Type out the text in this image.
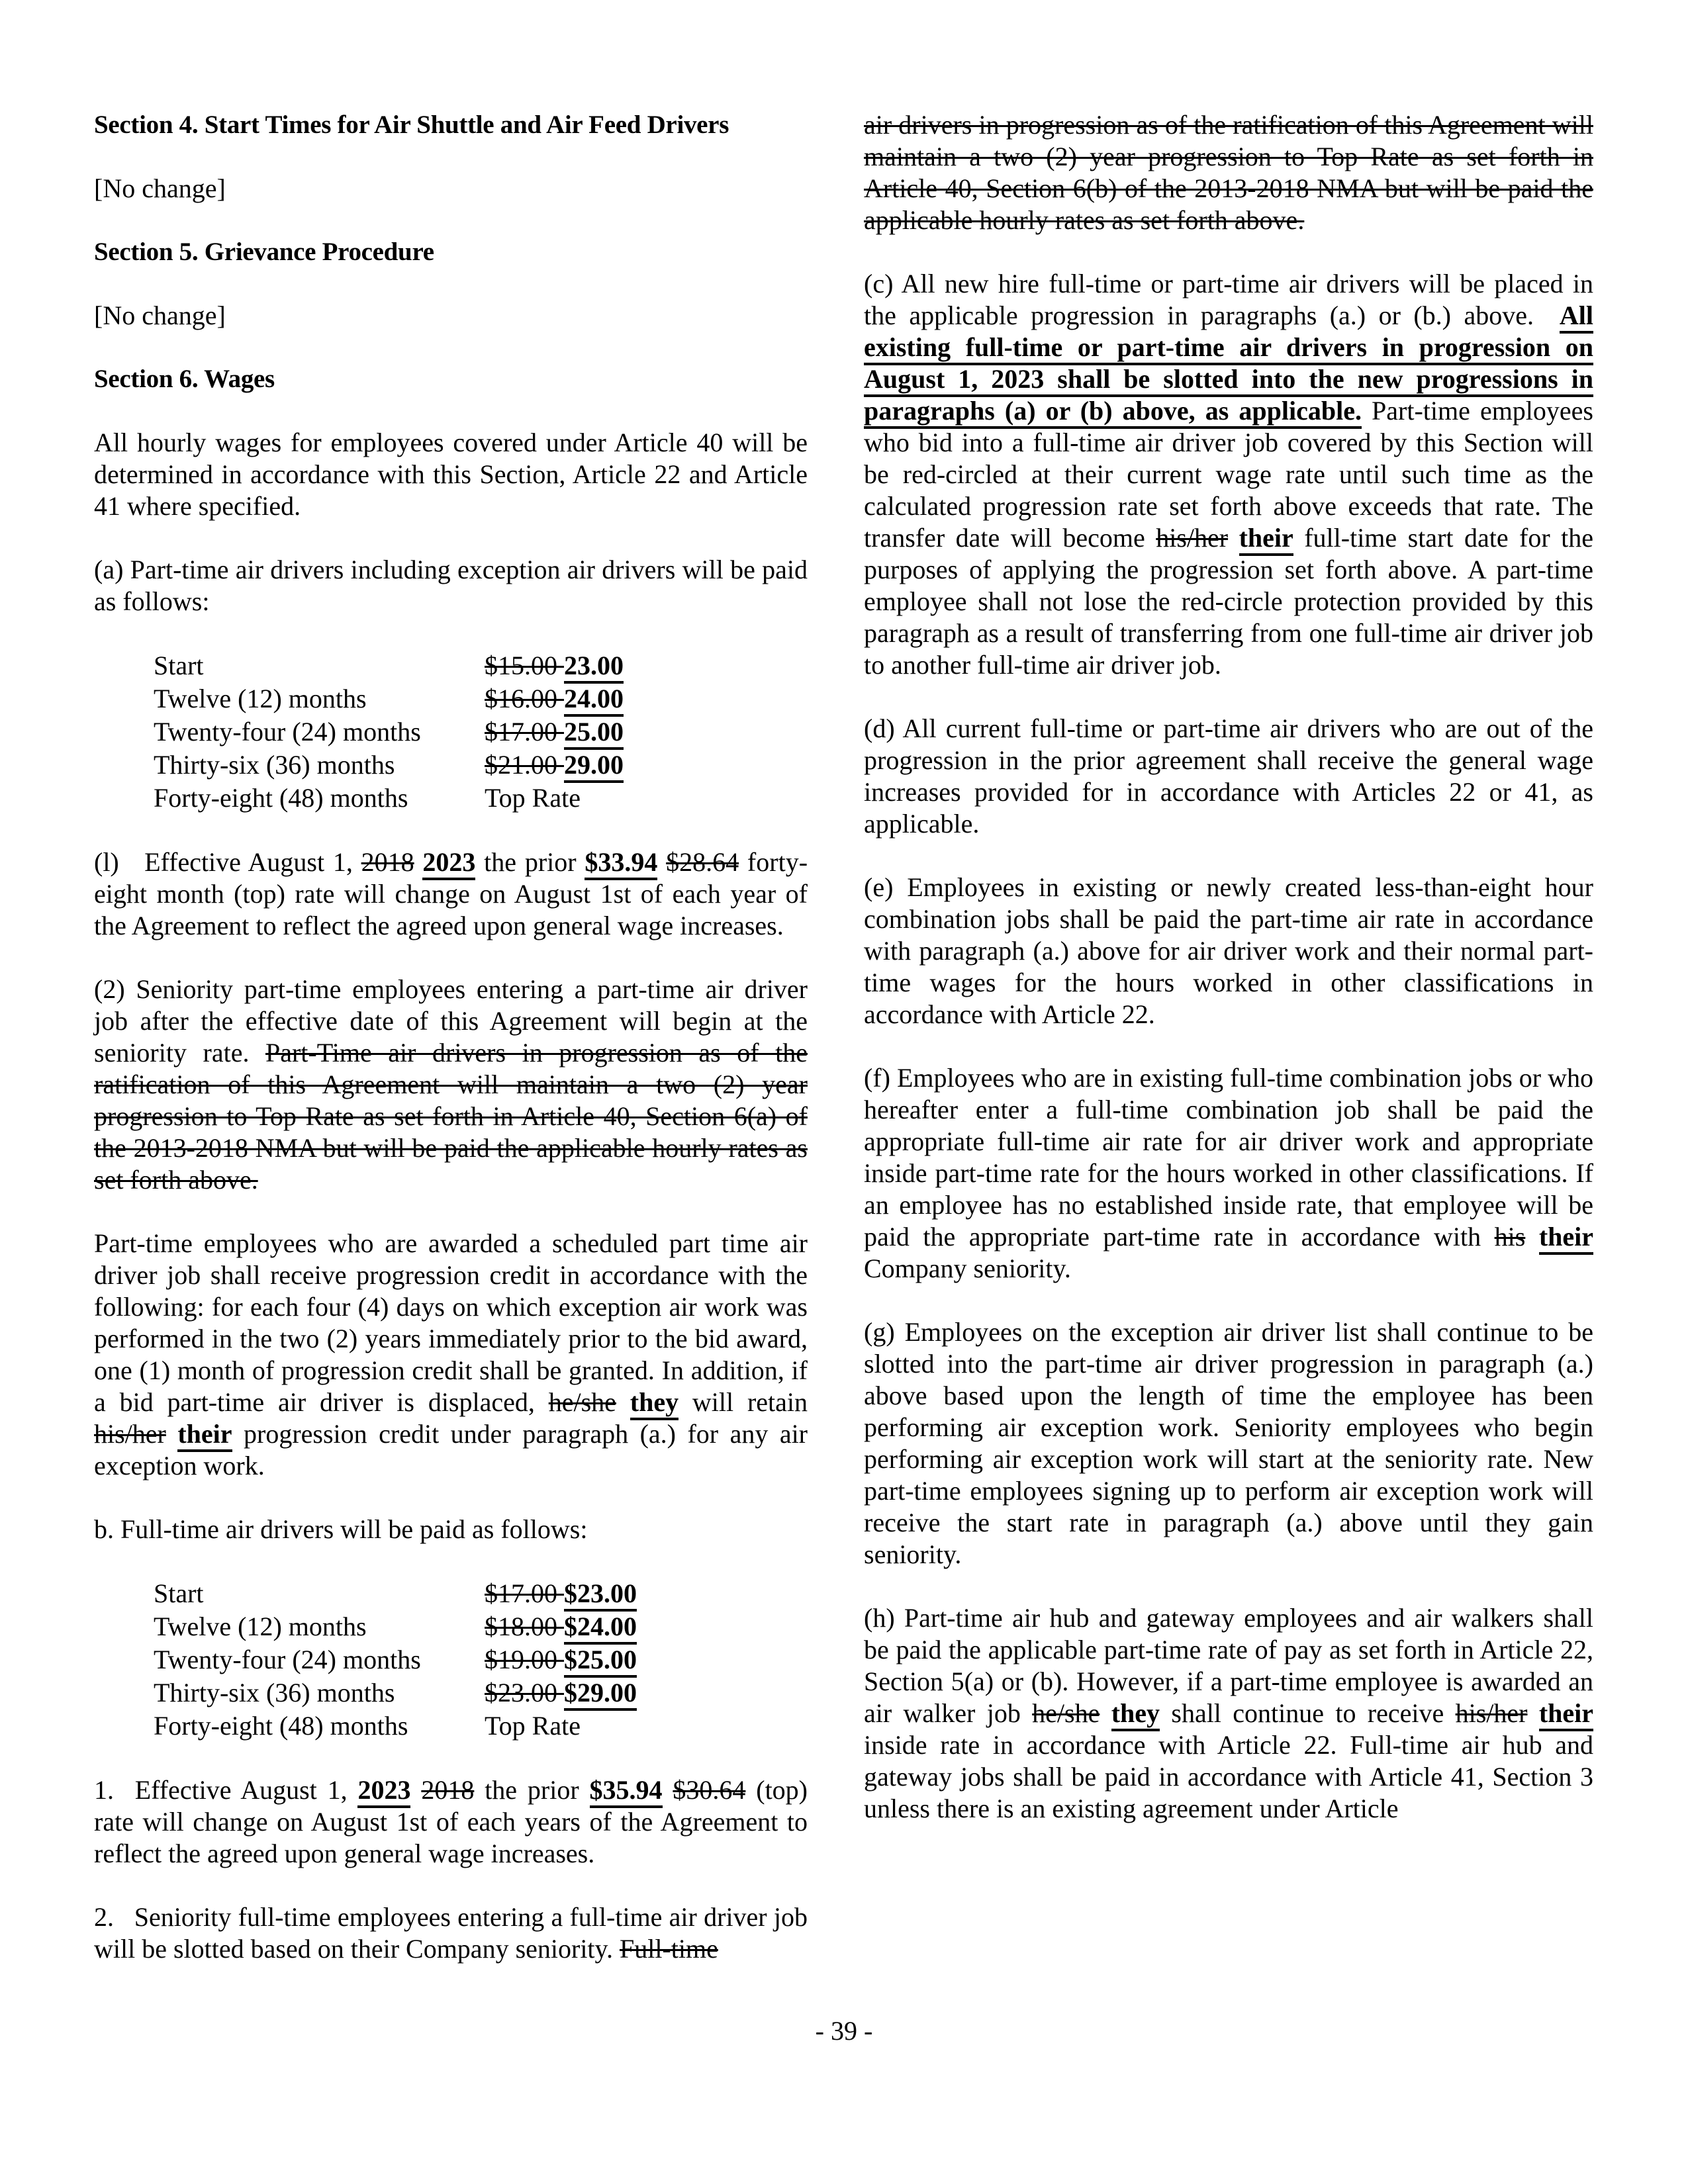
Section 4. Start Times for Air Shuttle and Air Feed Drivers
[No change]
Section 5. Grievance Procedure
[No change]
Section 6. Wages
All hourly wages for employees covered under Article 40 will be determined in accordance with this Section, Article 22 and Article 41 where specified.
(a) Part-time air drivers including exception air drivers will be paid as follows:
Start	$15.00 23.00
Twelve (12) months	$16.00 24.00
Twenty-four (24) months	$17.00 25.00
Thirty-six (36) months	$21.00 29.00
Forty-eight (48) months	Top Rate
(l)   Effective August 1, 2018 2023 the prior $33.94 $28.64 forty-eight month (top) rate will change on August 1st of each year of the Agreement to reflect the agreed upon general wage increases.
(2) Seniority part-time employees entering a part-time air driver job after the effective date of this Agreement will begin at the seniority rate. Part-Time air drivers in progression as of the ratification of this Agreement will maintain a two (2) year progression to Top Rate as set forth in Article 40, Section 6(a) of the 2013-2018 NMA but will be paid the applicable hourly rates as set forth above.
Part-time employees who are awarded a scheduled part time air driver job shall receive progression credit in accordance with the following: for each four (4) days on which exception air work was performed in the two (2) years immediately prior to the bid award, one (1) month of progression credit shall be granted. In addition, if a bid part-time air driver is displaced, he/she they will retain his/her their progression credit under paragraph (a.) for any air exception work.
b. Full-time air drivers will be paid as follows:
Start	$17.00 $23.00
Twelve (12) months	$18.00 $24.00
Twenty-four (24) months	$19.00 $25.00
Thirty-six (36) months	$23.00 $29.00
Forty-eight (48) months	Top Rate
1.  Effective August 1, 2023 2018 the prior $35.94 $30.64 (top) rate will change on August 1st of each years of the Agreement to reflect the agreed upon general wage increases.
2.   Seniority full-time employees entering a full-time air driver job will be slotted based on their Company seniority. Full-time
air drivers in progression as of the ratification of this Agreement will maintain a two (2) year progression to Top Rate as set forth in Article 40, Section 6(b) of the 2013-2018 NMA but will be paid the applicable hourly rates as set forth above.
(c) All new hire full-time or part-time air drivers will be placed in the applicable progression in paragraphs (a.) or (b.) above.  All existing full-time or part-time air drivers in progression on August 1, 2023 shall be slotted into the new progressions in paragraphs (a) or (b) above, as applicable. Part-time employees who bid into a full-time air driver job covered by this Section will be red-circled at their current wage rate until such time as the calculated progression rate set forth above exceeds that rate. The transfer date will become his/her their full-time start date for the purposes of applying the progression set forth above. A part-time employee shall not lose the red-circle protection provided by this paragraph as a result of transferring from one full-time air driver job to another full-time air driver job.
(d) All current full-time or part-time air drivers who are out of the progression in the prior agreement shall receive the general wage increases provided for in accordance with Articles 22 or 41, as applicable.
(e) Employees in existing or newly created less-than-eight hour combination jobs shall be paid the part-time air rate in accordance with paragraph (a.) above for air driver work and their normal part-time wages for the hours worked in other classifications in accordance with Article 22.
(f) Employees who are in existing full-time combination jobs or who hereafter enter a full-time combination job shall be paid the appropriate full-time air rate for air driver work and appropriate inside part-time rate for the hours worked in other classifications. If an employee has no established inside rate, that employee will be paid the appropriate part-time rate in accordance with his their Company seniority.
(g) Employees on the exception air driver list shall continue to be slotted into the part-time air driver progression in paragraph (a.) above based upon the length of time the employee has been performing air exception work. Seniority employees who begin performing air exception work will start at the seniority rate. New part-time employees signing up to perform air exception work will receive the start rate in paragraph (a.) above until they gain seniority.
(h) Part-time air hub and gateway employees and air walkers shall be paid the applicable part-time rate of pay as set forth in Article 22, Section 5(a) or (b). However, if a part-time employee is awarded an air walker job he/she they shall continue to receive his/her their inside rate in accordance with Article 22. Full-time air hub and gateway jobs shall be paid in accordance with Article 41, Section 3 unless there is an existing agreement under Article
- 39 -
